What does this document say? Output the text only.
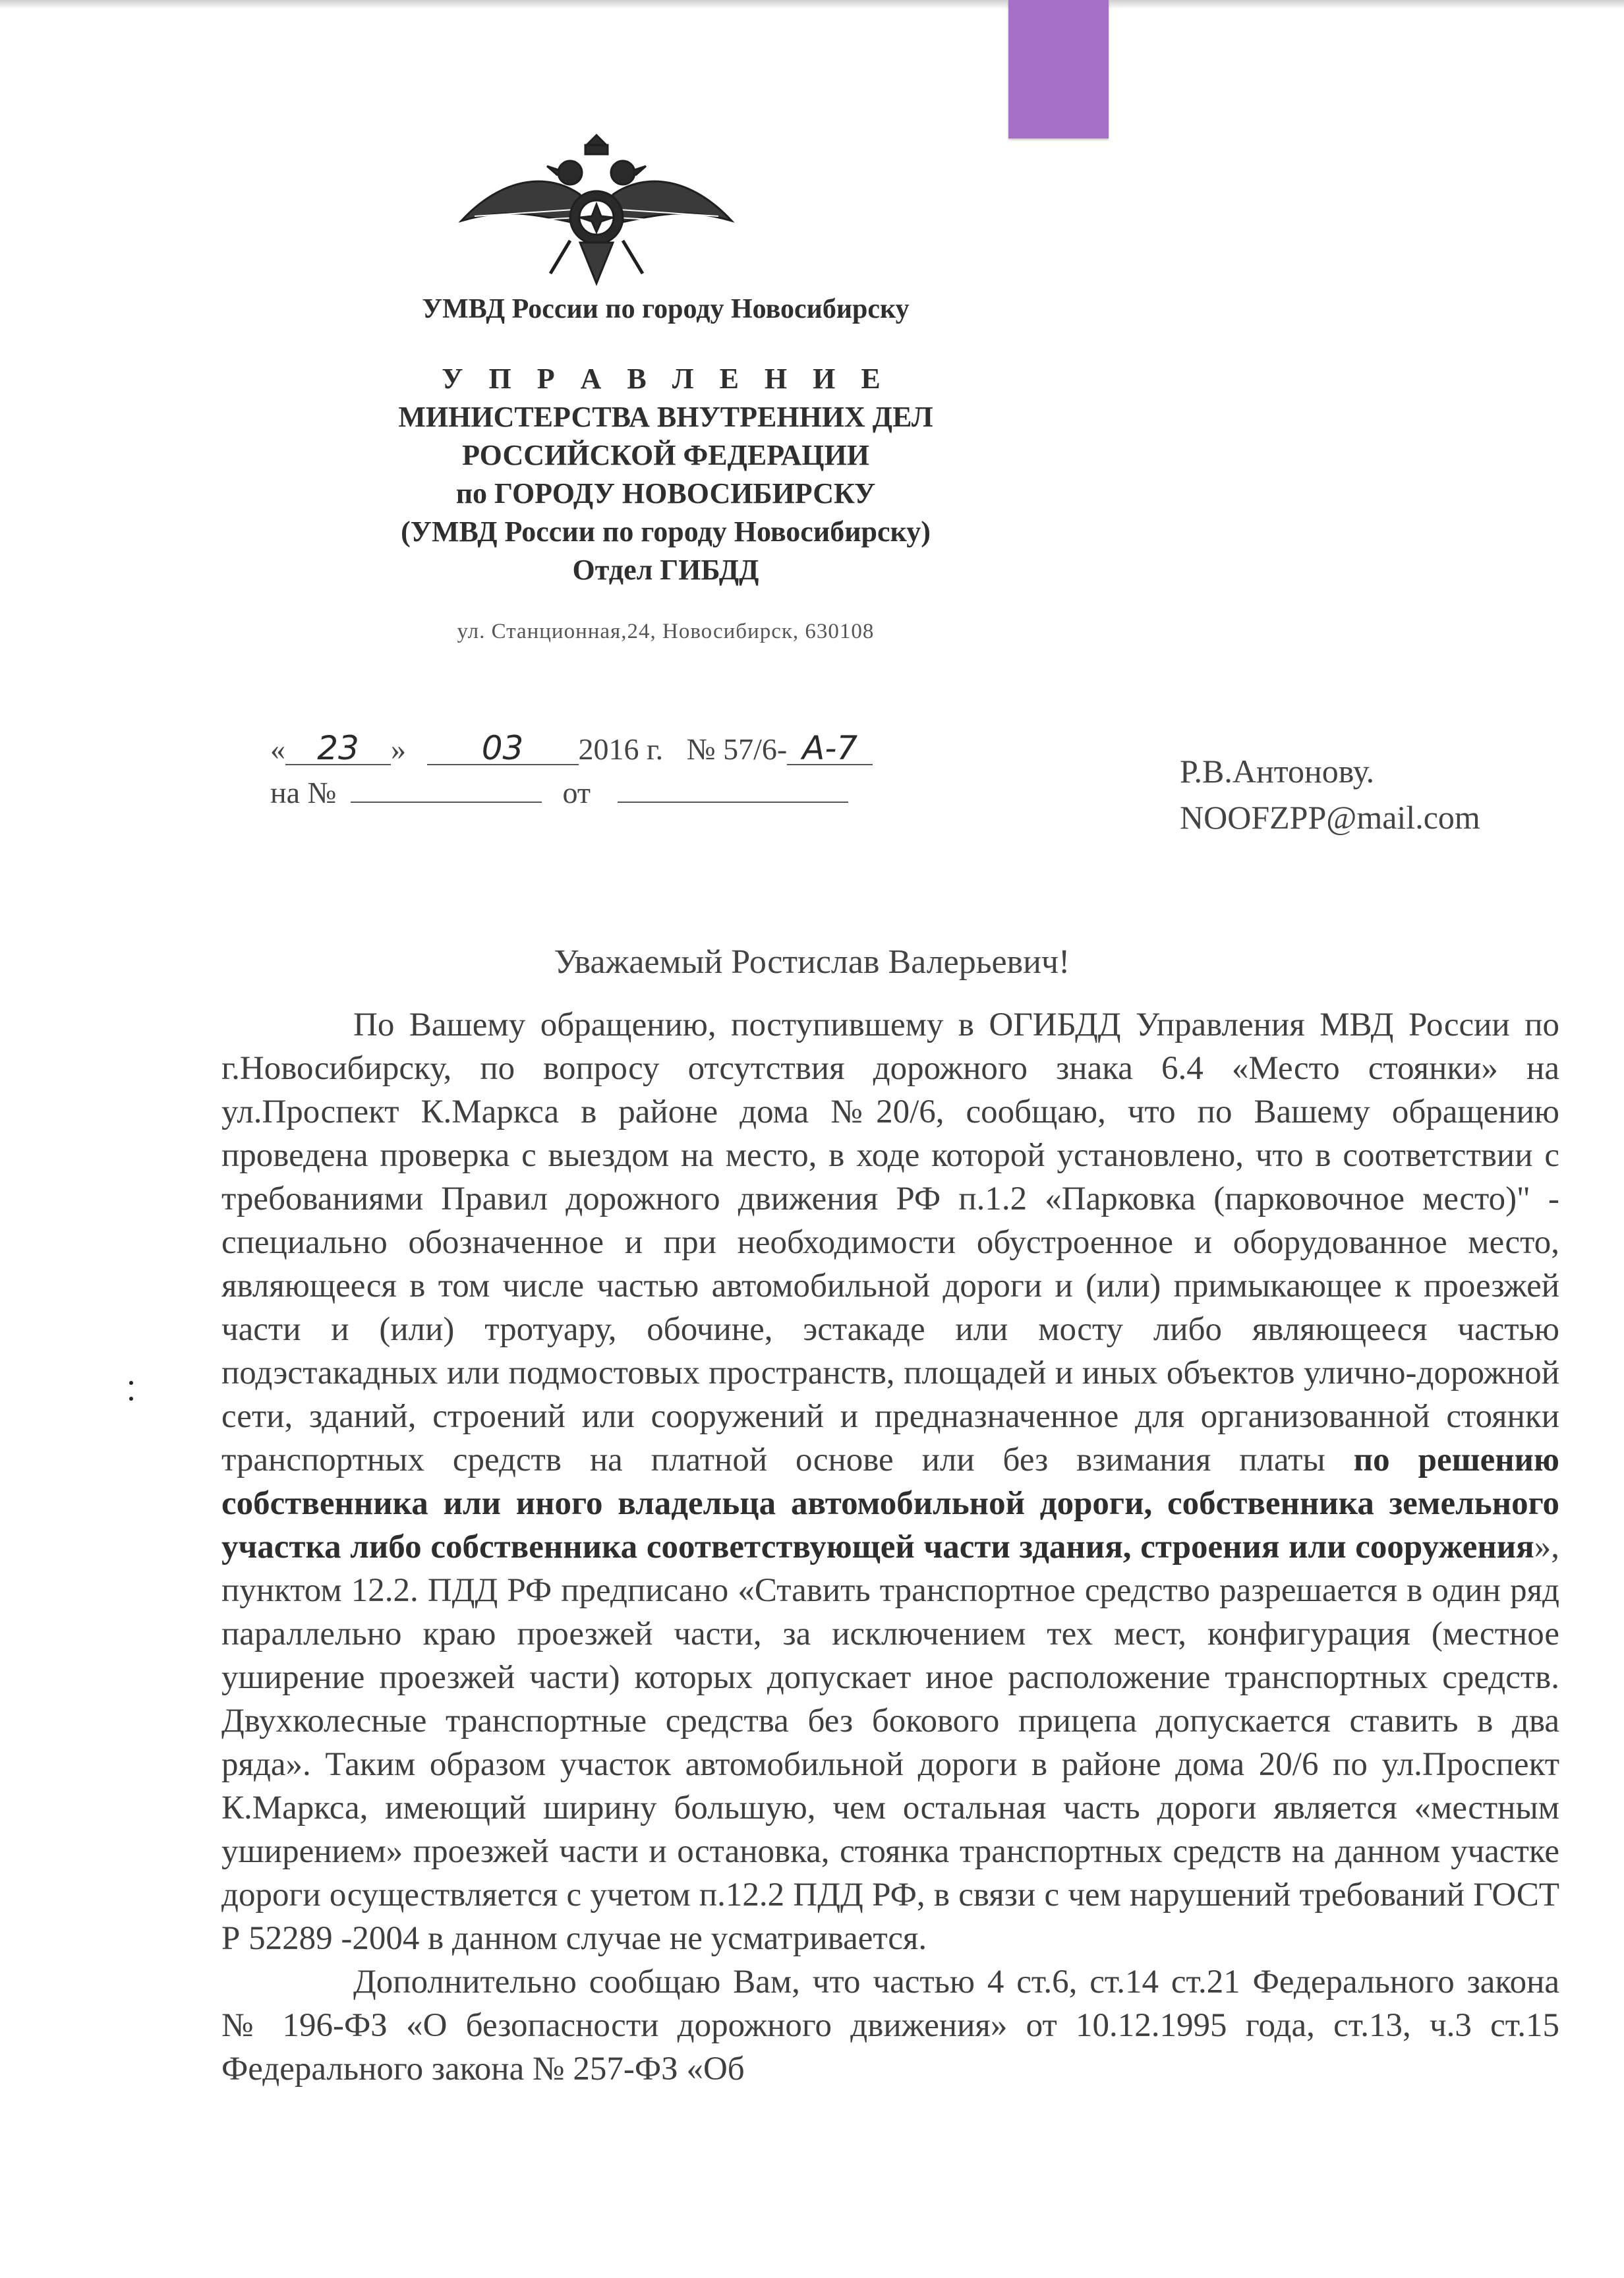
УМВД России по городу Новосибирску
У П Р А В Л Е Н И Е
МИНИСТЕРСТВА ВНУТРЕННИХ ДЕЛ
РОССИЙСКОЙ ФЕДЕРАЦИИ
по ГОРОДУ НОВОСИБИРСКУ
(УМВД России по городу Новосибирску)
Отдел ГИБДД
ул. Станционная,24, Новосибирск, 630108
« 23 » 03 2016 г. № 57/6- А-7
на №	от
Р.В.Антонову.
NOOFZPP@mail.com
Уважаемый Ростислав Валерьевич!

По Вашему обращению, поступившему в ОГИБДД Управления МВД России по г.Новосибирску, по вопросу отсутствия дорожного знака 6.4 «Место стоянки» на ул.Проспект К.Маркса в районе дома №20/6, сообщаю, что по Вашему обращению проведена проверка с выездом на место, в ходе которой установлено, что в соответствии с требованиями Правил дорожного движения РФ п.1.2 «Парковка (парковочное место)" - специально обозначенное и при необходимости обустроенное и оборудованное место, являющееся в том числе частью автомобильной дороги и (или) примыкающее к проезжей части и (или) тротуару, обочине, эстакаде или мосту либо являющееся частью подэстакадных или подмостовых пространств, площадей и иных объектов улично-дорожной сети, зданий, строений или сооружений и предназначенное для организованной стоянки транспортных средств на платной основе или без взимания платы по решению собственника или иного владельца автомобильной дороги, собственника земельного участка либо собственника соответствующей части здания, строения или сооружения», пунктом 12.2. ПДД РФ предписано «Ставить транспортное средство разрешается в один ряд параллельно краю проезжей части, за исключением тех мест, конфигурация (местное уширение проезжей части) которых допускает иное расположение транспортных средств. Двухколесные транспортные средства без бокового прицепа допускается ставить в два ряда». Таким образом участок автомобильной дороги в районе дома 20/6 по ул.Проспект К.Маркса, имеющий ширину большую, чем остальная часть дороги является «местным уширением» проезжей части и остановка, стоянка транспортных средств на данном участке дороги осуществляется с учетом п.12.2 ПДД РФ, в связи с чем нарушений требований ГОСТ Р 52289 -2004 в данном случае не усматривается.

Дополнительно сообщаю Вам, что частью 4 ст.6, ст.14 ст.21 Федерального закона № 196-ФЗ «О безопасности дорожного движения» от 10.12.1995 года, ст.13, ч.3 ст.15 Федерального закона № 257-ФЗ «Об
